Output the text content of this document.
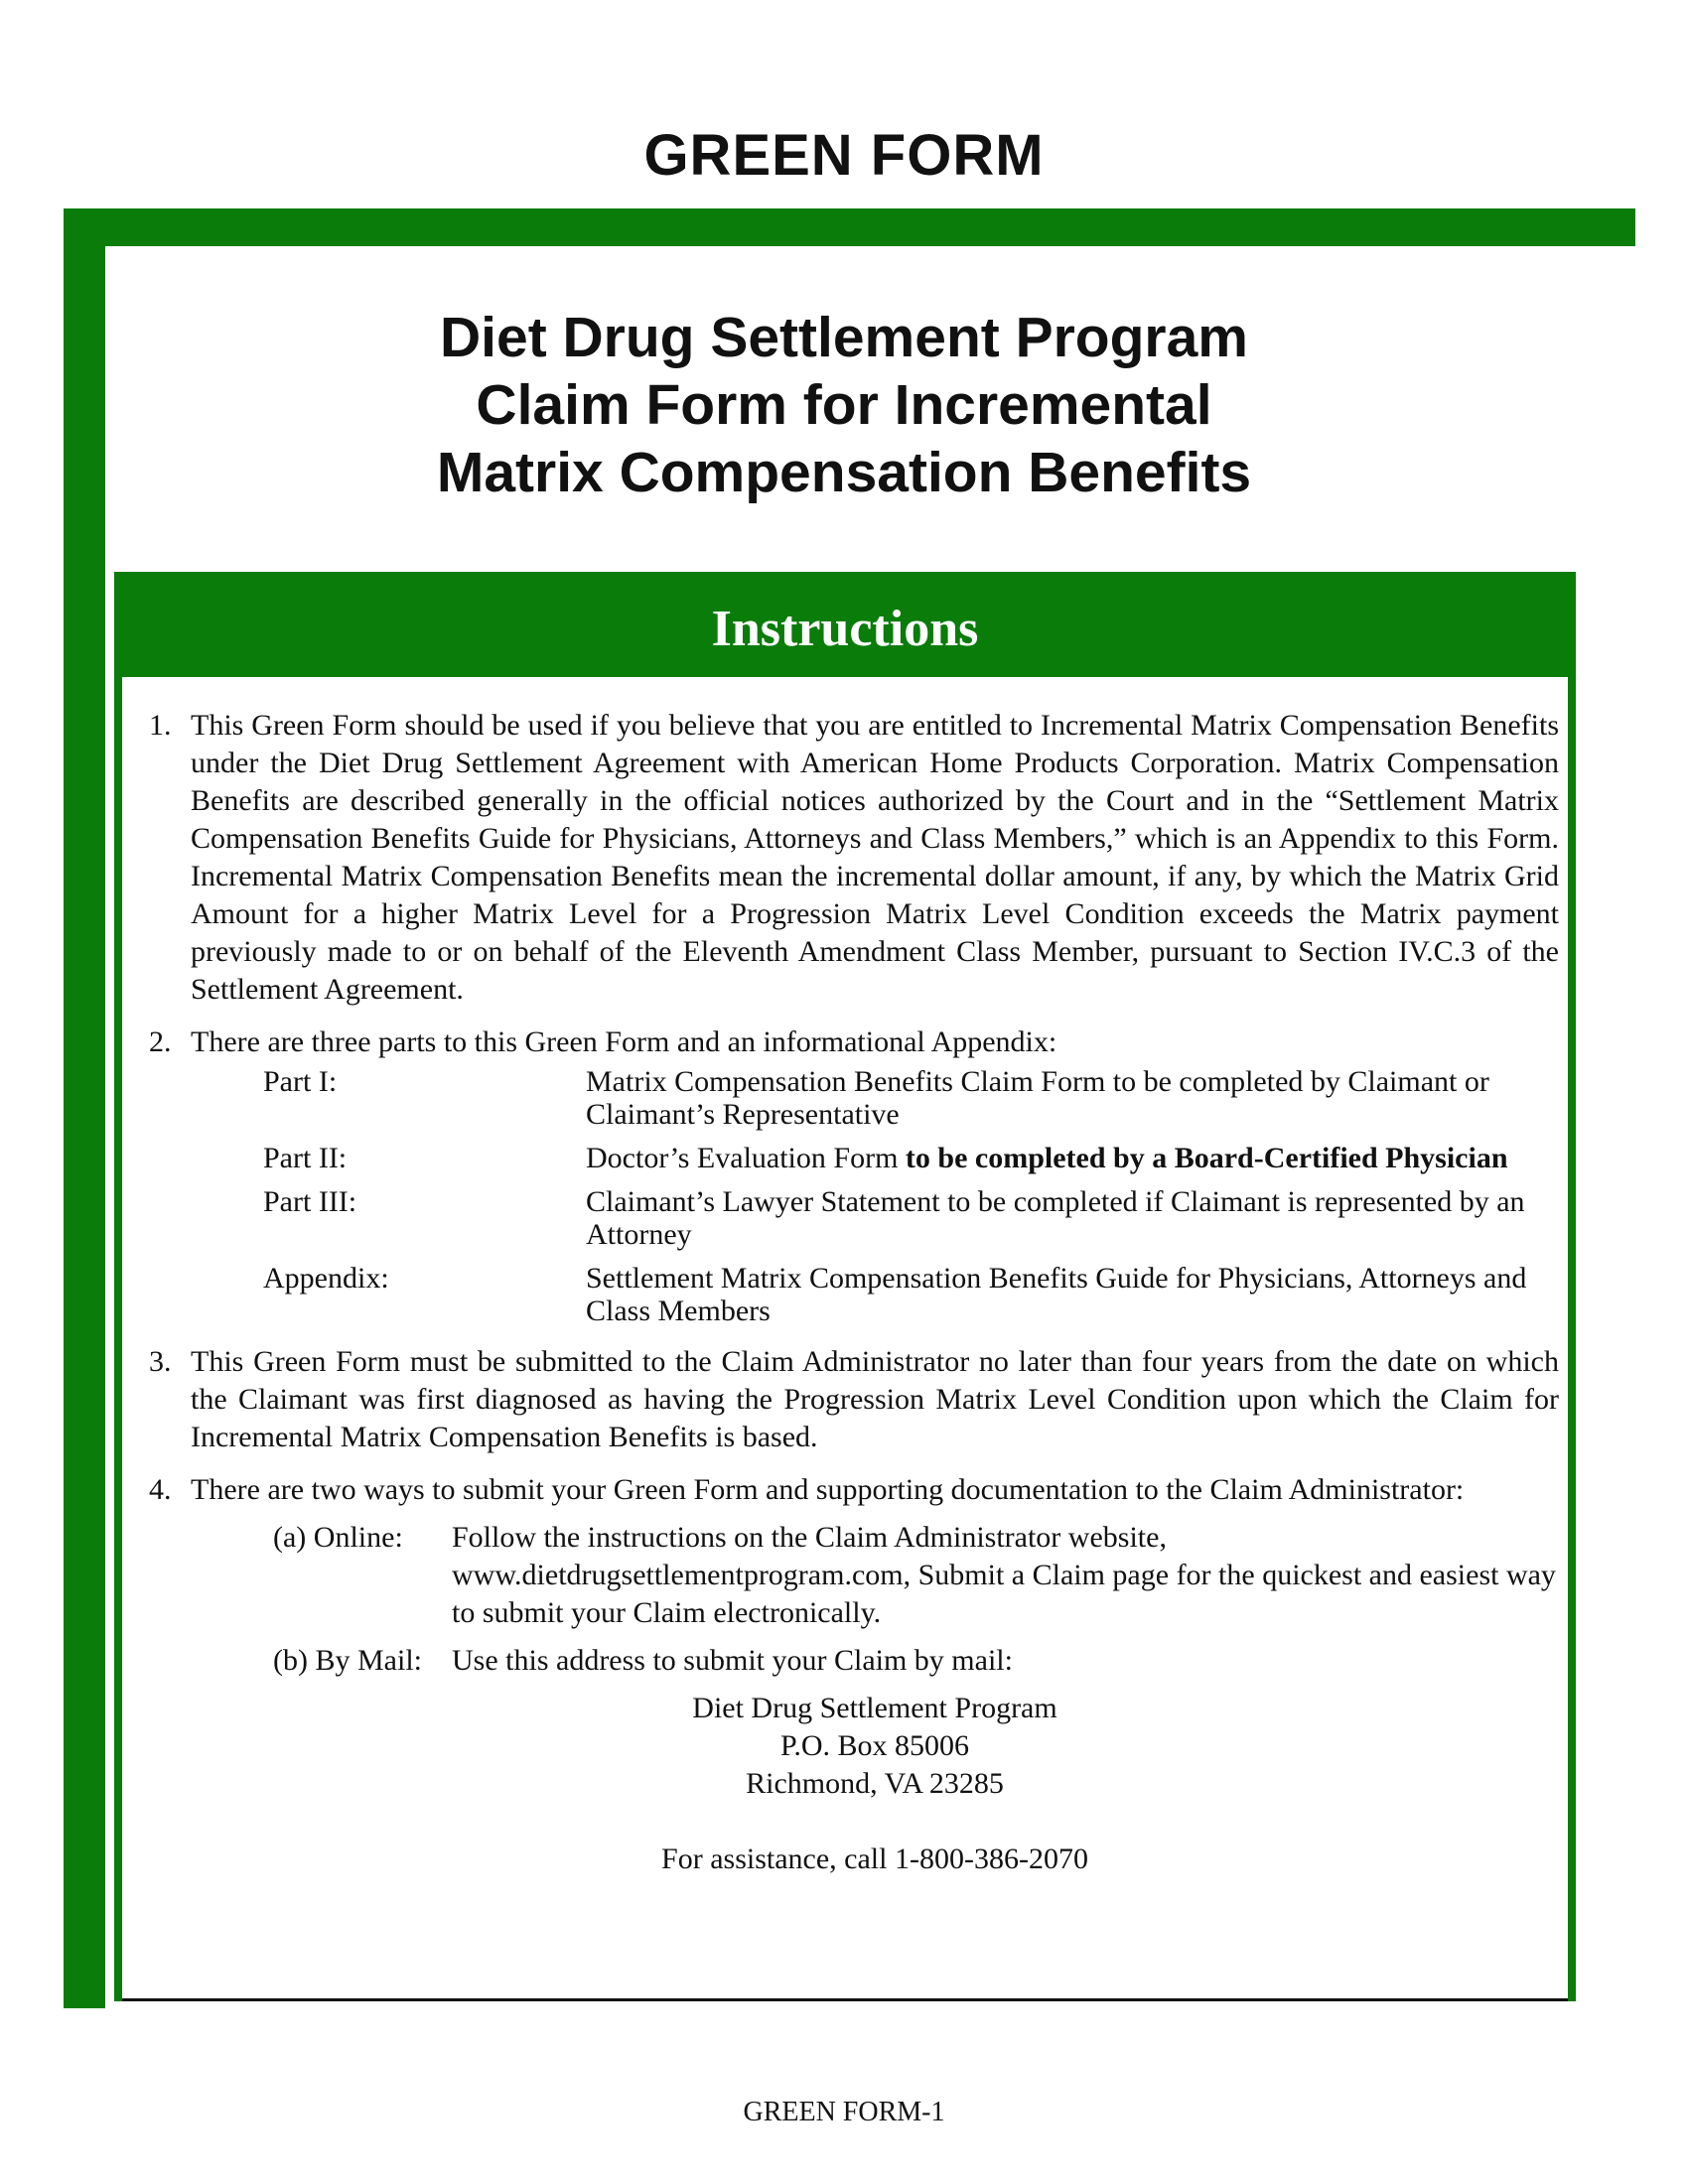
GREEN FORM
Diet Drug Settlement Program
Claim Form for Incremental
Matrix Compensation Benefits
Instructions
1. This Green Form should be used if you believe that you are entitled to Incremental Matrix Compensation Benefits under the Diet Drug Settlement Agreement with American Home Products Corporation. Matrix Compensation Benefits are described generally in the official notices authorized by the Court and in the “Settlement Matrix Compensation Benefits Guide for Physicians, Attorneys and Class Members,” which is an Appendix to this Form. Incremental Matrix Compensation Benefits mean the incremental dollar amount, if any, by which the Matrix Grid Amount for a higher Matrix Level for a Progression Matrix Level Condition exceeds the Matrix payment previously made to or on behalf of the Eleventh Amendment Class Member, pursuant to Section IV.C.3 of the Settlement Agreement.
2. There are three parts to this Green Form and an informational Appendix:
Part I:	Matrix Compensation Benefits Claim Form to be completed by Claimant or Claimant’s Representative
Part II:	Doctor’s Evaluation Form to be completed by a Board-Certified Physician
Part III:	Claimant’s Lawyer Statement to be completed if Claimant is represented by an Attorney
Appendix:	Settlement Matrix Compensation Benefits Guide for Physicians, Attorneys and Class Members
3. This Green Form must be submitted to the Claim Administrator no later than four years from the date on which the Claimant was first diagnosed as having the Progression Matrix Level Condition upon which the Claim for Incremental Matrix Compensation Benefits is based.
4. There are two ways to submit your Green Form and supporting documentation to the Claim Administrator:
(a) Online: Follow the instructions on the Claim Administrator website, www.dietdrugsettlementprogram.com, Submit a Claim page for the quickest and easiest way to submit your Claim electronically.
(b) By Mail: Use this address to submit your Claim by mail:
Diet Drug Settlement Program
P.O. Box 85006
Richmond, VA 23285
For assistance, call 1-800-386-2070
GREEN FORM-1
